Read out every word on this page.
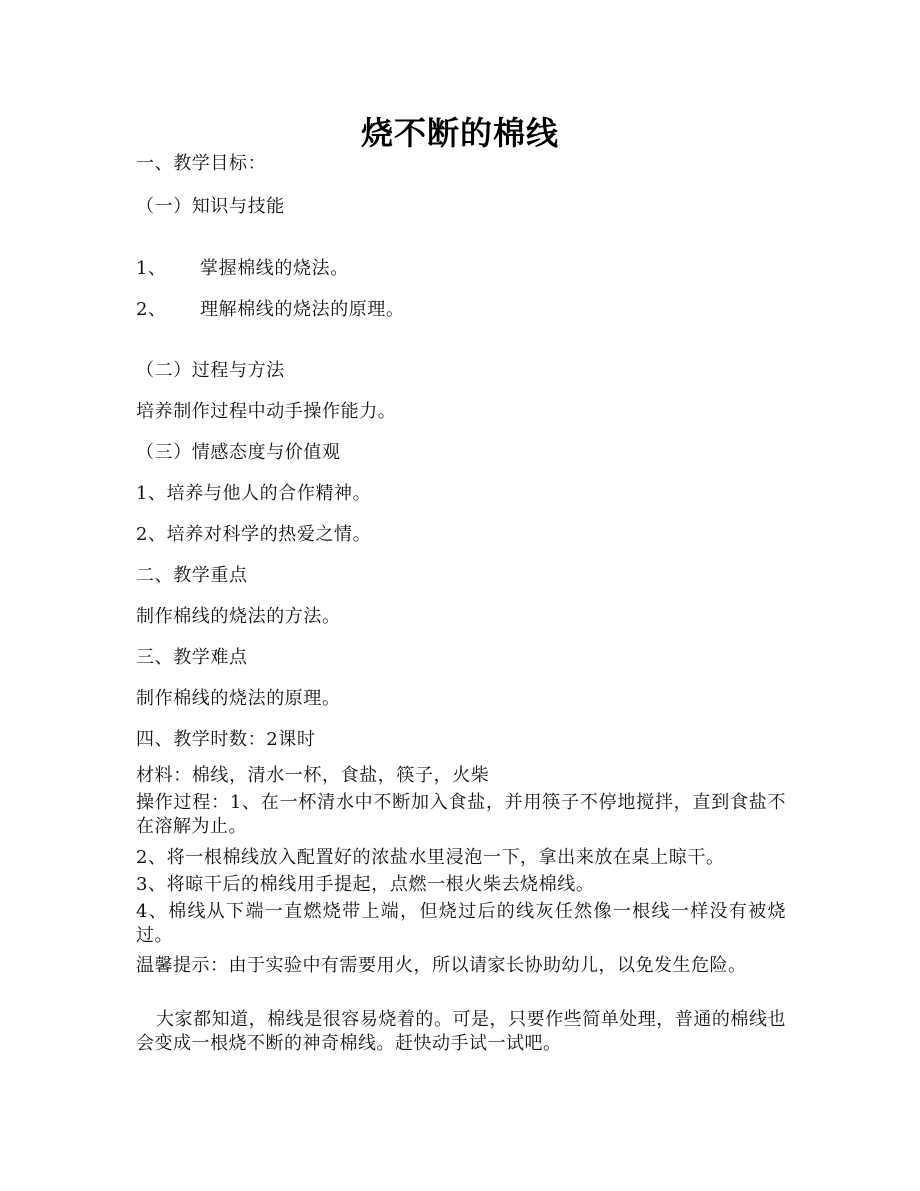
烧不断的棉线
一、教学目标：
（一）知识与技能
1、 掌握棉线的烧法。
2、 理解棉线的烧法的原理。
（二）过程与方法
培养制作过程中动手操作能力。
（三）情感态度与价值观
1、培养与他人的合作精神。
2、培养对科学的热爱之情。
二、教学重点
制作棉线的烧法的方法。
三、教学难点
制作棉线的烧法的原理。
四、教学时数：2课时
材料：棉线，清水一杯，食盐，筷子，火柴
操作过程：1、在一杯清水中不断加入食盐，并用筷子不停地搅拌，直到食盐不在溶解为止。
2、将一根棉线放入配置好的浓盐水里浸泡一下，拿出来放在桌上晾干。
3、将晾干后的棉线用手提起，点燃一根火柴去烧棉线。
4、棉线从下端一直燃烧带上端，但烧过后的线灰任然像一根线一样没有被烧过。
温馨提示：由于实验中有需要用火，所以请家长协助幼儿，以免发生危险。
大家都知道，棉线是很容易烧着的。可是，只要作些简单处理，普通的棉线也会变成一根烧不断的神奇棉线。赶快动手试一试吧。
